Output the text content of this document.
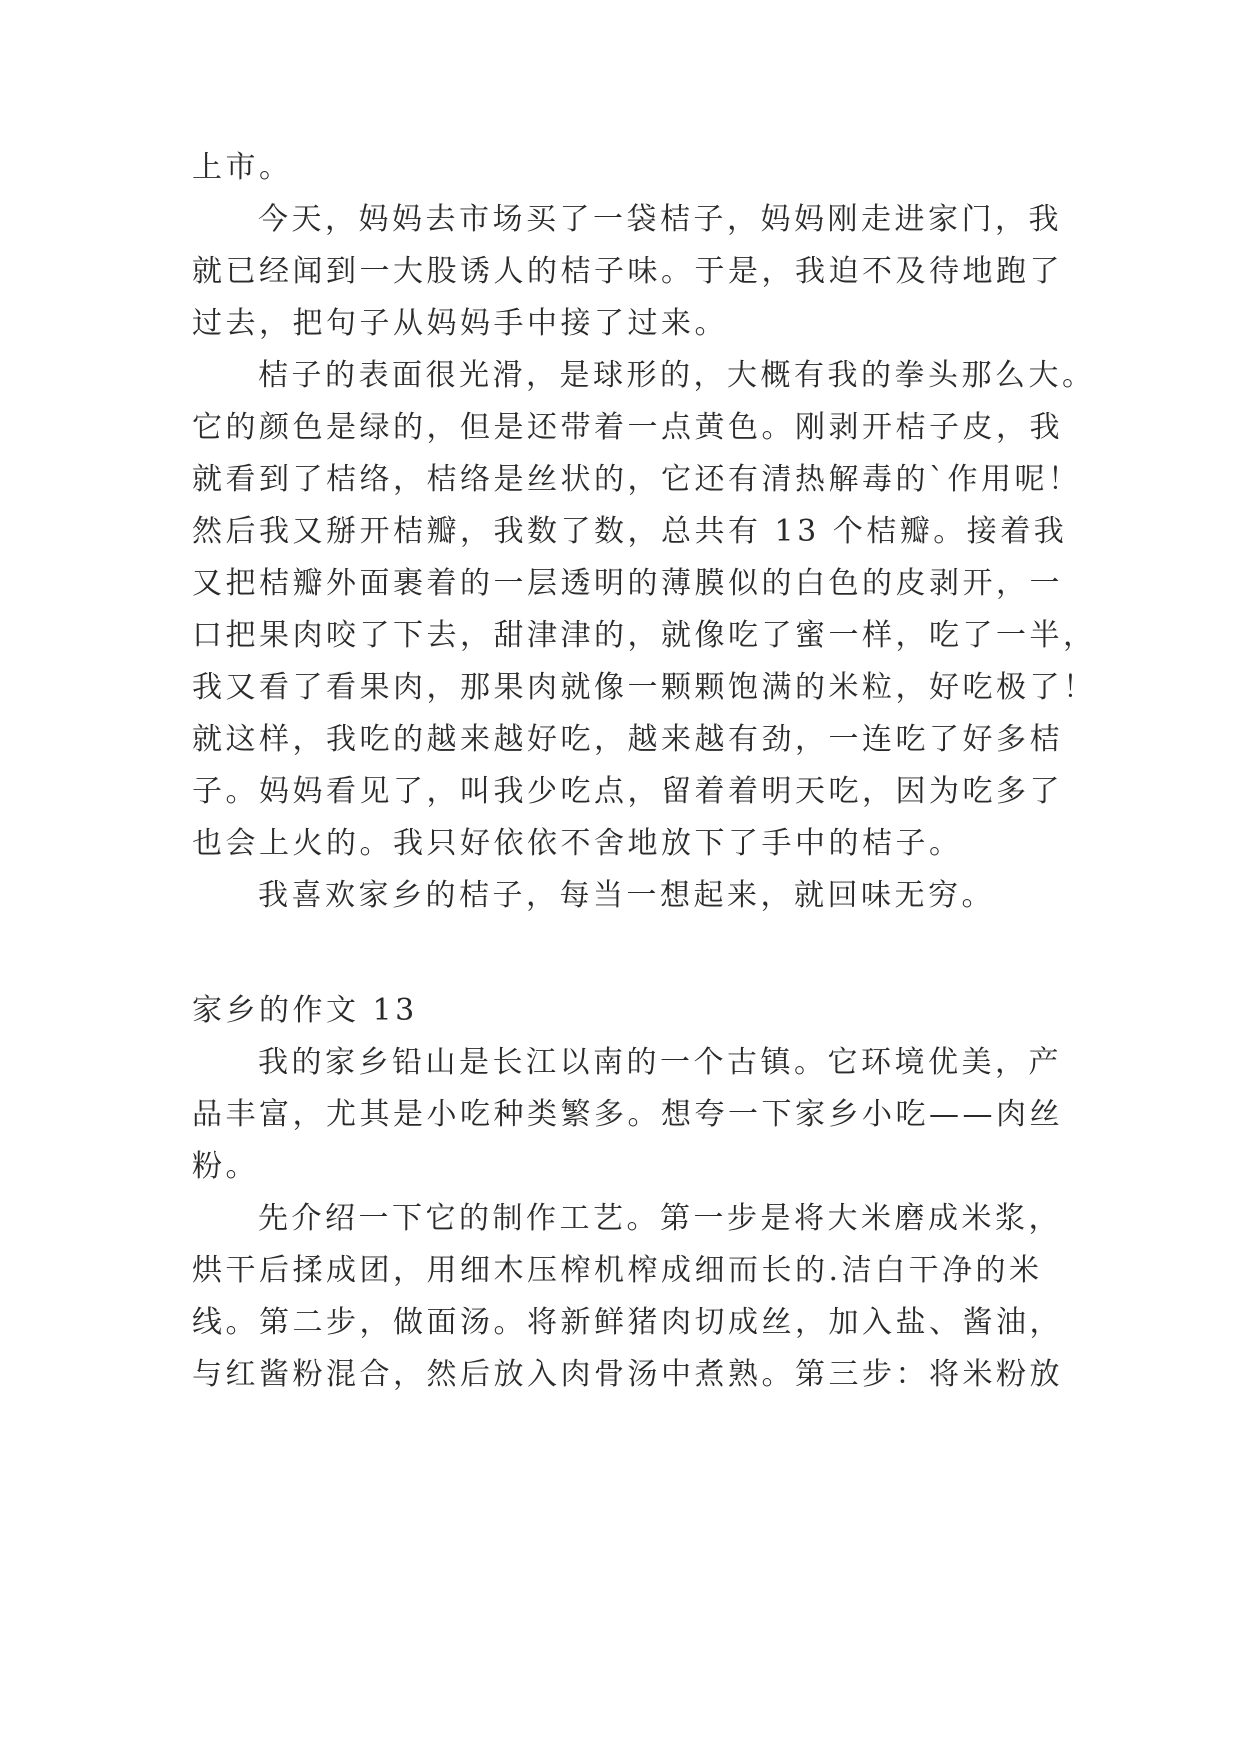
上市。
今天，妈妈去市场买了一袋桔子，妈妈刚走进家门，我
就已经闻到一大股诱人的桔子味。于是，我迫不及待地跑了
过去，把句子从妈妈手中接了过来。
桔子的表面很光滑，是球形的，大概有我的拳头那么大。
它的颜色是绿的，但是还带着一点黄色。刚剥开桔子皮，我
就看到了桔络，桔络是丝状的，它还有清热解毒的`作用呢！
然后我又掰开桔瓣，我数了数，总共有 13 个桔瓣。接着我
又把桔瓣外面裹着的一层透明的薄膜似的白色的皮剥开，一
口把果肉咬了下去，甜津津的，就像吃了蜜一样，吃了一半，
我又看了看果肉，那果肉就像一颗颗饱满的米粒，好吃极了！
就这样，我吃的越来越好吃，越来越有劲，一连吃了好多桔
子。妈妈看见了，叫我少吃点，留着着明天吃，因为吃多了
也会上火的。我只好依依不舍地放下了手中的桔子。
我喜欢家乡的桔子，每当一想起来，就回味无穷。
家乡的作文 13
我的家乡铅山是长江以南的一个古镇。它环境优美，产
品丰富，尤其是小吃种类繁多。想夸一下家乡小吃——肉丝
粉。
先介绍一下它的制作工艺。第一步是将大米磨成米浆，
烘干后揉成团，用细木压榨机榨成细而长的.洁白干净的米
线。第二步，做面汤。将新鲜猪肉切成丝，加入盐、酱油，
与红酱粉混合，然后放入肉骨汤中煮熟。第三步：将米粉放
